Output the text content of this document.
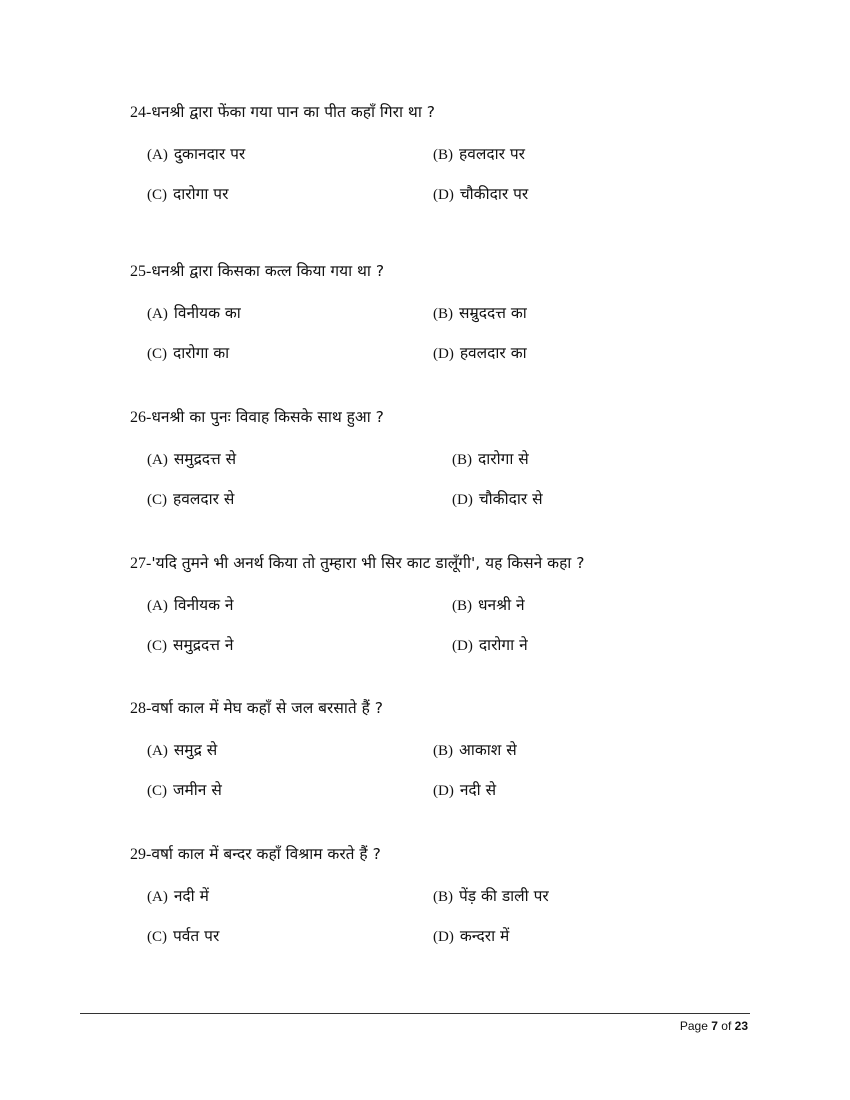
24-धनश्री द्वारा फेंका गया पान का पीत कहाँ गिरा था ?
(A) दुकानदार पर	(B) हवलदार पर
(C) दारोगा पर	(D) चौकीदार पर
25-धनश्री द्वारा किसका कत्ल किया गया था ?
(A) विनीयक का	(B) सम्रुददत्त का
(C) दारोगा का	(D) हवलदार का
26-धनश्री का पुनः विवाह किसके साथ हुआ ?
(A) समुद्रदत्त से	(B) दारोगा से
(C) हवलदार से	(D) चौकीदार से
27-'यदि तुमने भी अनर्थ किया तो तुम्हारा भी सिर काट डालूँगी', यह किसने कहा ?
(A) विनीयक ने	(B) धनश्री ने
(C) समुद्रदत्त ने	(D) दारोगा ने
28-वर्षा काल में मेघ कहाँ से जल बरसाते हैं ?
(A) समुद्र से	(B) आकाश से
(C) जमीन से	(D) नदी से
29-वर्षा काल में बन्दर कहाँ विश्राम करते हैं ?
(A) नदी में	(B) पेंड़ की डाली पर
(C) पर्वत पर	(D) कन्दरा में
Page 7 of 23
